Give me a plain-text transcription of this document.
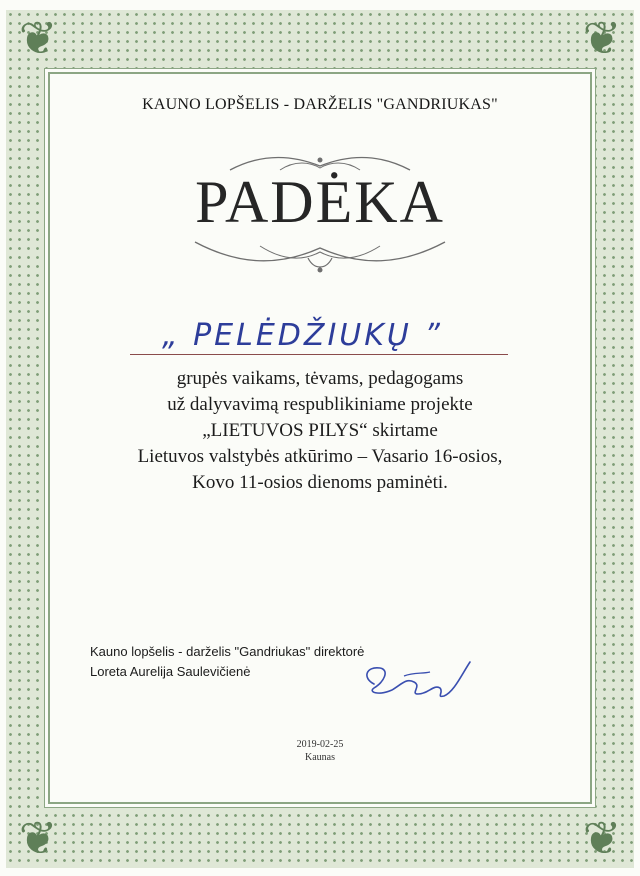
❦	❦
❦	❦
KAUNO LOPŠELIS - DARŽELIS "GANDRIUKAS"
PADĖKA
„ PELĖDŽIUKŲ ”
grupės vaikams, tėvams, pedagogams
už dalyvavimą respublikiniame projekte
„LIETUVOS PILYS“ skirtame
Lietuvos valstybės atkūrimo – Vasario 16-osios,
Kovo 11-osios dienoms paminėti.
Kauno lopšelis - darželis "Gandriukas" direktorė
Loreta Aurelija Saulevičienė
2019-02-25
Kaunas
